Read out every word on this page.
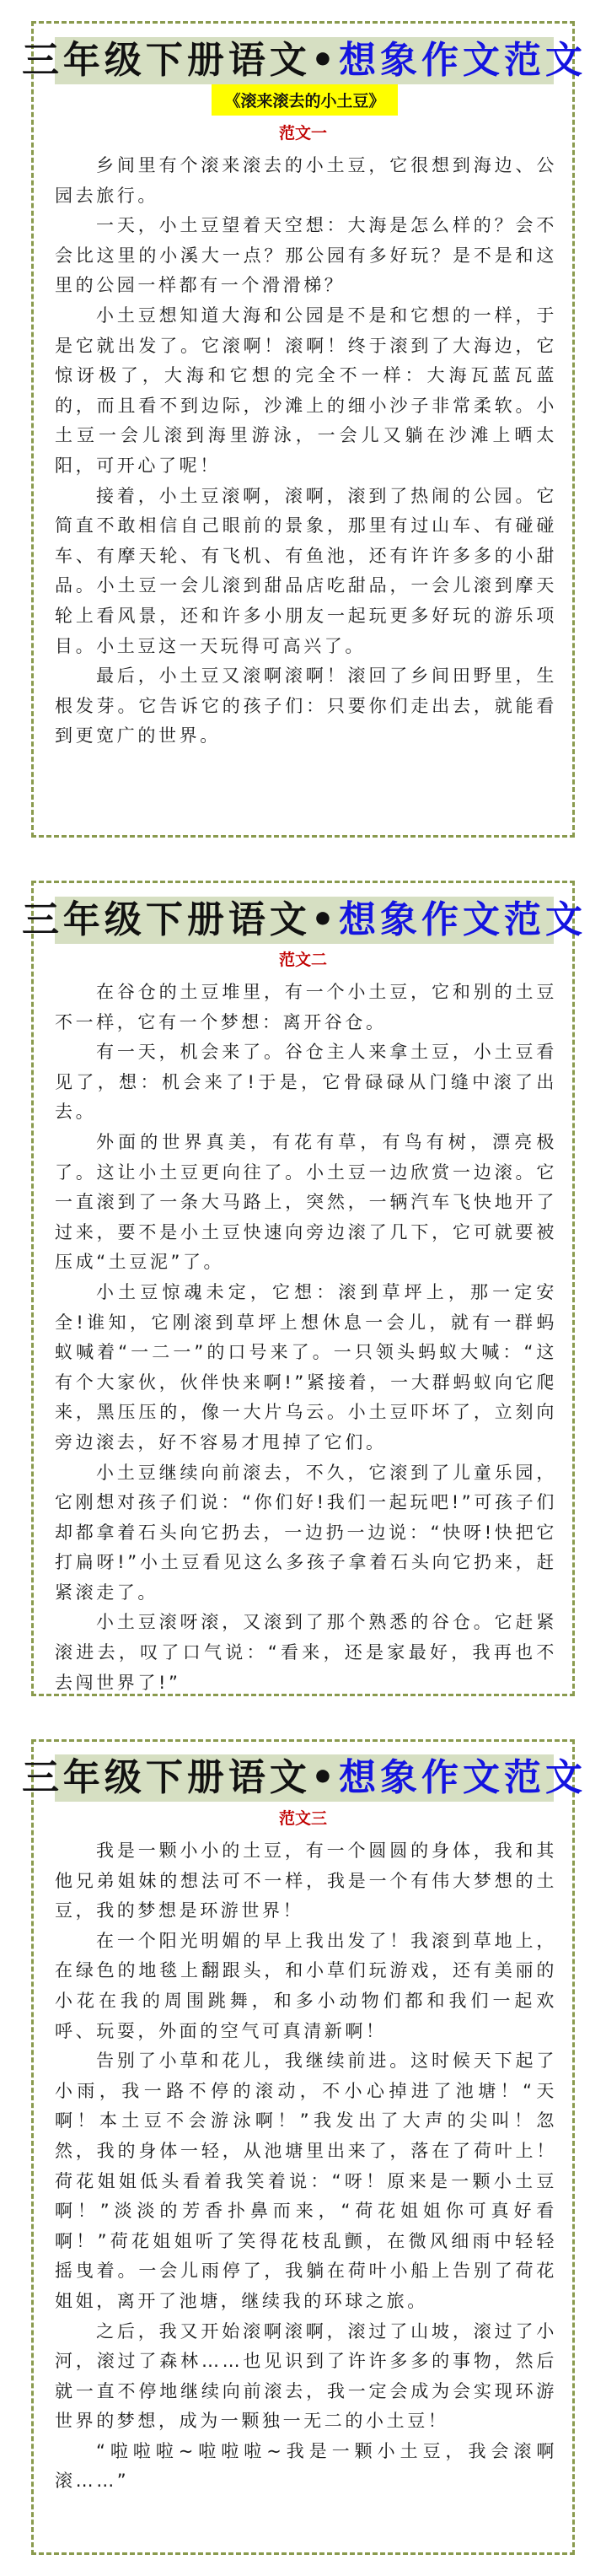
三年级下册语文• 想象作文范文
《滚来滚去的小土豆》
范文一

乡间里有个滚来滚去的小土豆，它很想到海边、公园去旅行。

一天，小土豆望着天空想：大海是怎么样的？会不会比这里的小溪大一点？那公园有多好玩？是不是和这里的公园一样都有一个滑滑梯？

小土豆想知道大海和公园是不是和它想的一样，于是它就出发了。它滚啊！滚啊！终于滚到了大海边，它惊讶极了，大海和它想的完全不一样：大海瓦蓝瓦蓝的，而且看不到边际，沙滩上的细小沙子非常柔软。小土豆一会儿滚到海里游泳，一会儿又躺在沙滩上晒太阳，可开心了呢！

接着，小土豆滚啊，滚啊，滚到了热闹的公园。它简直不敢相信自己眼前的景象，那里有过山车、有碰碰车、有摩天轮、有飞机、有鱼池，还有许许多多的小甜品。小土豆一会儿滚到甜品店吃甜品，一会儿滚到摩天轮上看风景，还和许多小朋友一起玩更多好玩的游乐项目。小土豆这一天玩得可高兴了。

最后，小土豆又滚啊滚啊！滚回了乡间田野里，生根发芽。它告诉它的孩子们：只要你们走出去，就能看到更宽广的世界。

三年级下册语文• 想象作文范文
范文二

在谷仓的土豆堆里，有一个小土豆，它和别的土豆不一样，它有一个梦想：离开谷仓。

有一天，机会来了。谷仓主人来拿土豆，小土豆看见了，想：机会来了!于是，它骨碌碌从门缝中滚了出去。

外面的世界真美，有花有草，有鸟有树，漂亮极了。这让小土豆更向往了。小土豆一边欣赏一边滚。它一直滚到了一条大马路上，突然，一辆汽车飞快地开了过来，要不是小土豆快速向旁边滚了几下，它可就要被压成“土豆泥”了。

小土豆惊魂未定，它想：滚到草坪上，那一定安全!谁知，它刚滚到草坪上想休息一会儿，就有一群蚂蚁喊着“一二一”的口号来了。一只领头蚂蚁大喊：“这有个大家伙，伙伴快来啊!”紧接着，一大群蚂蚁向它爬来，黑压压的，像一大片乌云。小土豆吓坏了，立刻向旁边滚去，好不容易才甩掉了它们。

小土豆继续向前滚去，不久，它滚到了儿童乐园，它刚想对孩子们说：“你们好!我们一起玩吧!”可孩子们却都拿着石头向它扔去，一边扔一边说：“快呀!快把它打扁呀!”小土豆看见这么多孩子拿着石头向它扔来，赶紧滚走了。

小土豆滚呀滚，又滚到了那个熟悉的谷仓。它赶紧滚进去，叹了口气说：“看来，还是家最好，我再也不去闯世界了!”

三年级下册语文• 想象作文范文
范文三

我是一颗小小的土豆，有一个圆圆的身体，我和其他兄弟姐妹的想法可不一样，我是一个有伟大梦想的土豆，我的梦想是环游世界！

在一个阳光明媚的早上我出发了！我滚到草地上，在绿色的地毯上翻跟头，和小草们玩游戏，还有美丽的小花在我的周围跳舞，和多小动物们都和我们一起欢呼、玩耍，外面的空气可真清新啊！

告别了小草和花儿，我继续前进。这时候天下起了小雨，我一路不停的滚动，不小心掉进了池塘！“天啊！本土豆不会游泳啊！”我发出了大声的尖叫！忽然，我的身体一轻，从池塘里出来了，落在了荷叶上！荷花姐姐低头看着我笑着说：“呀！原来是一颗小土豆啊！”淡淡的芳香扑鼻而来，“荷花姐姐你可真好看啊！”荷花姐姐听了笑得花枝乱颤，在微风细雨中轻轻摇曳着。一会儿雨停了，我躺在荷叶小船上告别了荷花姐姐，离开了池塘，继续我的环球之旅。

之后，我又开始滚啊滚啊，滚过了山坡，滚过了小河，滚过了森林……也见识到了许许多多的事物，然后就一直不停地继续向前滚去，我一定会成为会实现环游世界的梦想，成为一颗独一无二的小土豆！

“啦啦啦~啦啦啦~我是一颗小土豆，我会滚啊滚……”
